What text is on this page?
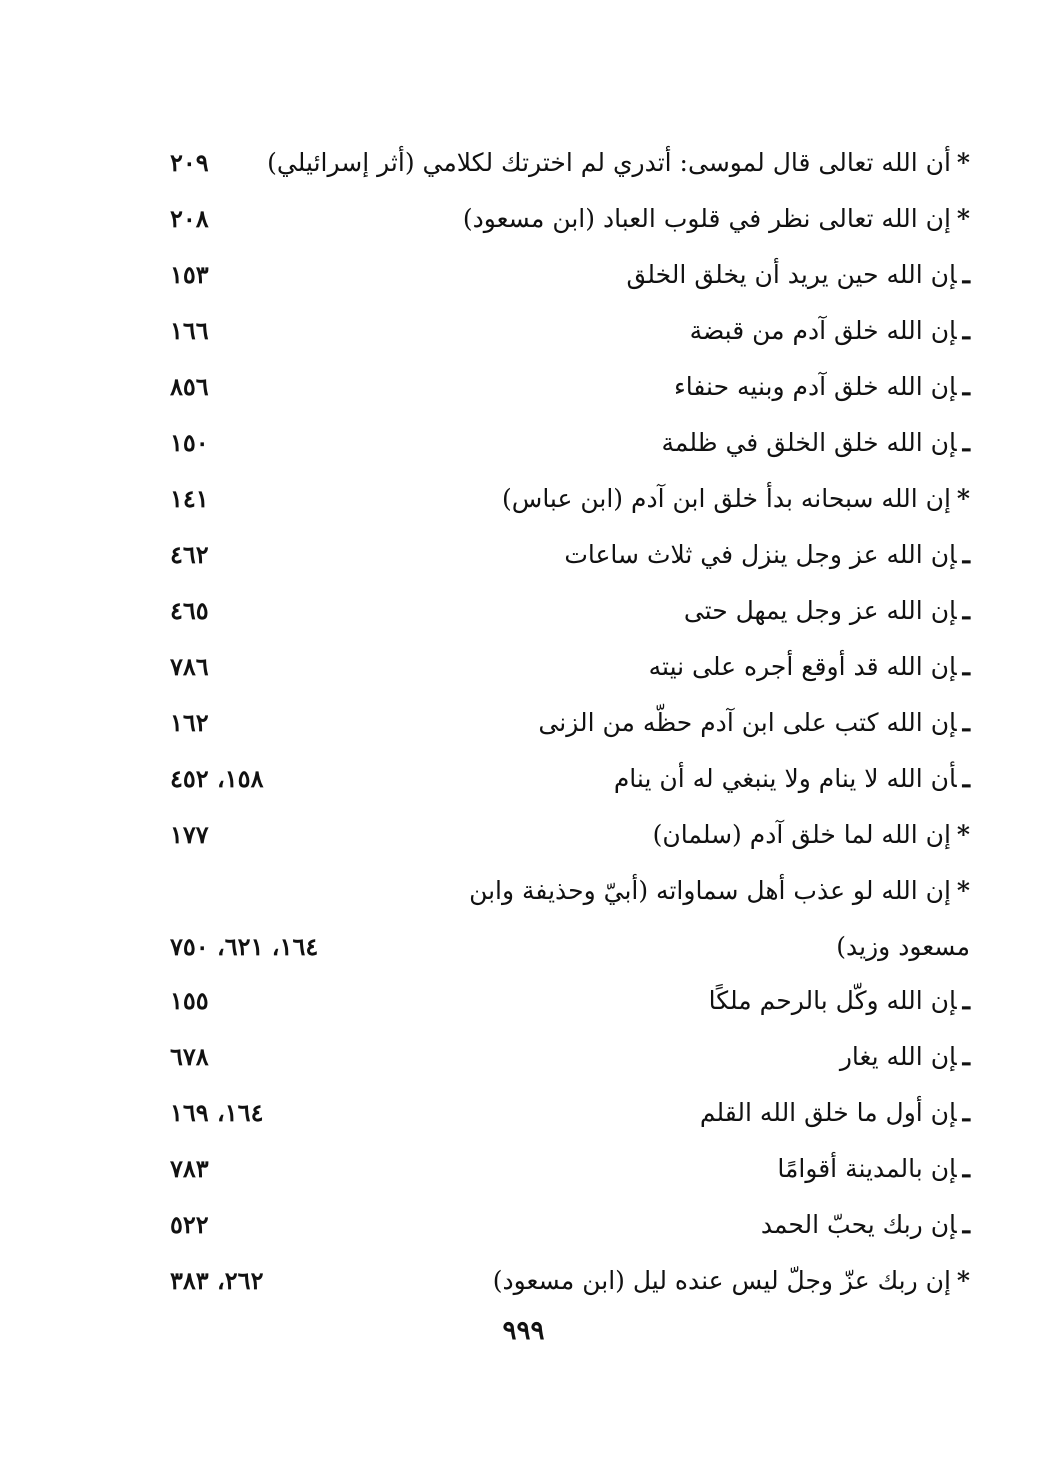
*أن الله تعالى قال لموسى: أتدري لم اخترتك لكلامي (أثر إسرائيلي)
٢٠٩
*إن الله تعالى نظر في قلوب العباد (ابن مسعود)
٢٠٨
ـإن الله حين يريد أن يخلق الخلق
١٥٣
ـإن الله خلق آدم من قبضة
١٦٦
ـإن الله خلق آدم وبنيه حنفاء
٨٥٦
ـإن الله خلق الخلق في ظلمة
١٥٠
*إن الله سبحانه بدأ خلق ابن آدم (ابن عباس)
١٤١
ـإن الله عز وجل ينزل في ثلاث ساعات
٤٦٢
ـإن الله عز وجل يمهل حتى
٤٦٥
ـإن الله قد أوقع أجره على نيته
٧٨٦
ـإن الله كتب على ابن آدم حظّه من الزنى
١٦٢
ـأن الله لا ينام ولا ينبغي له أن ينام
١٥٨، ٤٥٢
*إن الله لما خلق آدم (سلمان)
١٧٧
*إن الله لو عذب أهل سماواته (أبيّ وحذيفة وابن
مسعود وزيد)
١٦٤، ٦٢١، ٧٥٠
ـإن الله وكّل بالرحم ملكًا
١٥٥
ـإن الله يغار
٦٧٨
ـإن أول ما خلق الله القلم
١٦٤، ١٦٩
ـإن بالمدينة أقوامًا
٧٨٣
ـإن ربك يحبّ الحمد
٥٢٢
*إن ربك عزّ وجلّ ليس عنده ليل (ابن مسعود)
٢٦٢، ٣٨٣
٩٩٩
